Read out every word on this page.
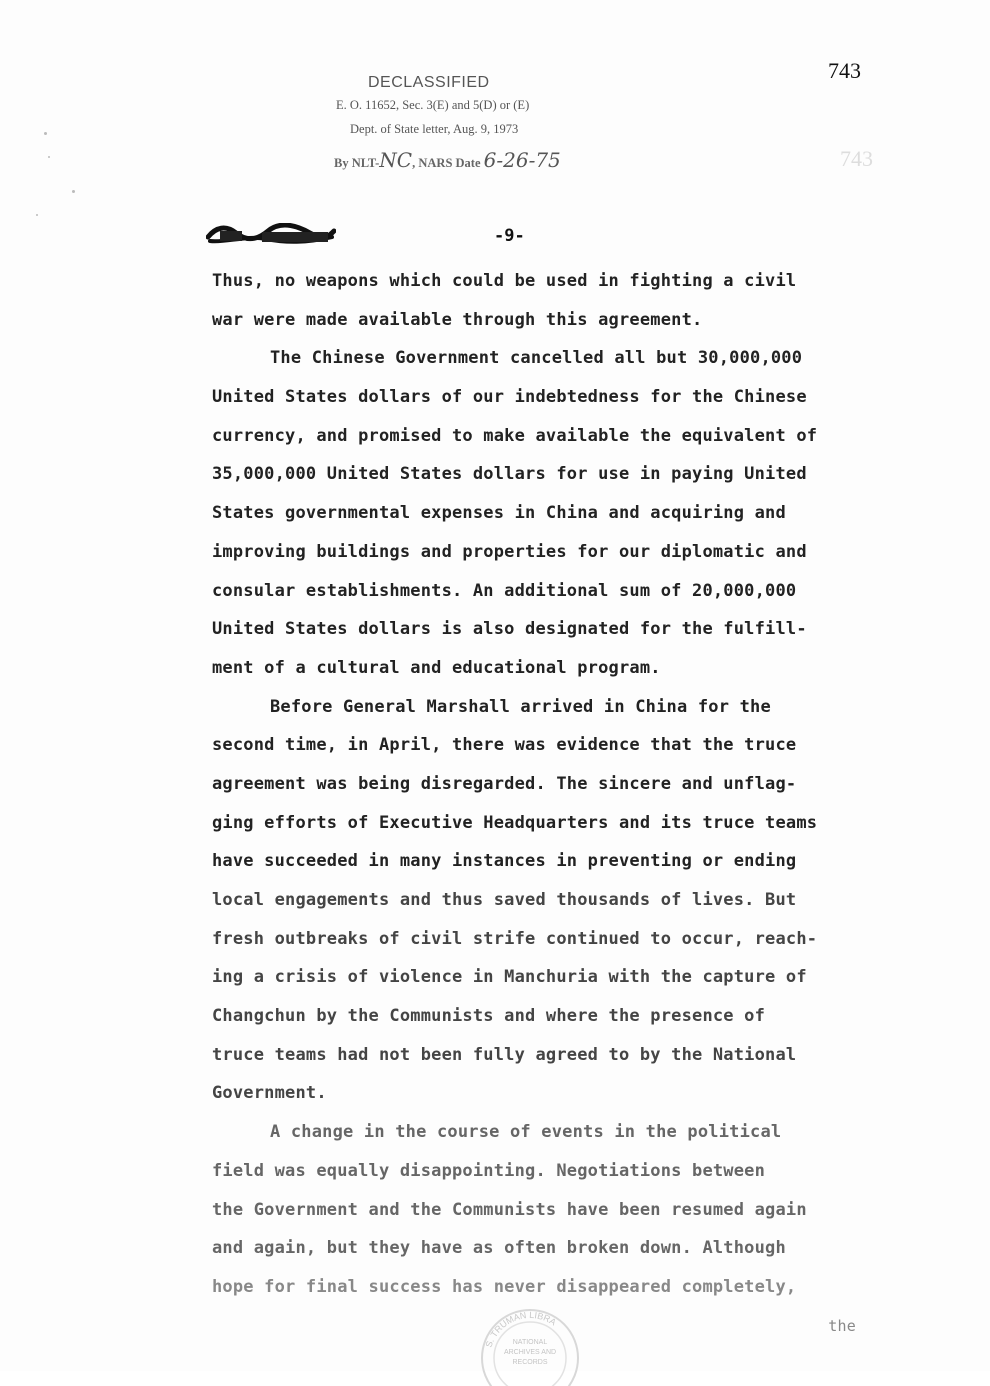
DECLASSIFIED
E. O. 11652, Sec. 3(E) and 5(D) or (E)
Dept. of State letter, Aug. 9, 1973
By NLT-NC, NARS Date 6-26-75
743
743
-9-
Thus, no weapons which could be used in fighting a civil
war were made available through this agreement.
The Chinese Government cancelled all but 30,000,000
United States dollars of our indebtedness for the Chinese
currency, and promised to make available the equivalent of
35,000,000 United States dollars for use in paying United
States governmental expenses in China and acquiring and
improving buildings and properties for our diplomatic and
consular establishments. An additional sum of 20,000,000
United States dollars is also designated for the fulfill-
ment of a cultural and educational program.
Before General Marshall arrived in China for the
second time, in April, there was evidence that the truce
agreement was being disregarded. The sincere and unflag-
ging efforts of Executive Headquarters and its truce teams
have succeeded in many instances in preventing or ending
local engagements and thus saved thousands of lives. But
fresh outbreaks of civil strife continued to occur, reach-
ing a crisis of violence in Manchuria with the capture of
Changchun by the Communists and where the presence of
truce teams had not been fully agreed to by the National
Government.
A change in the course of events in the political
field was equally disappointing. Negotiations between
the Government and the Communists have been resumed again
and again, but they have as often broken down. Although
hope for final success has never disappeared completely,
the
S. TRUMAN LIBRA
NATIONAL
ARCHIVES AND
RECORDS
